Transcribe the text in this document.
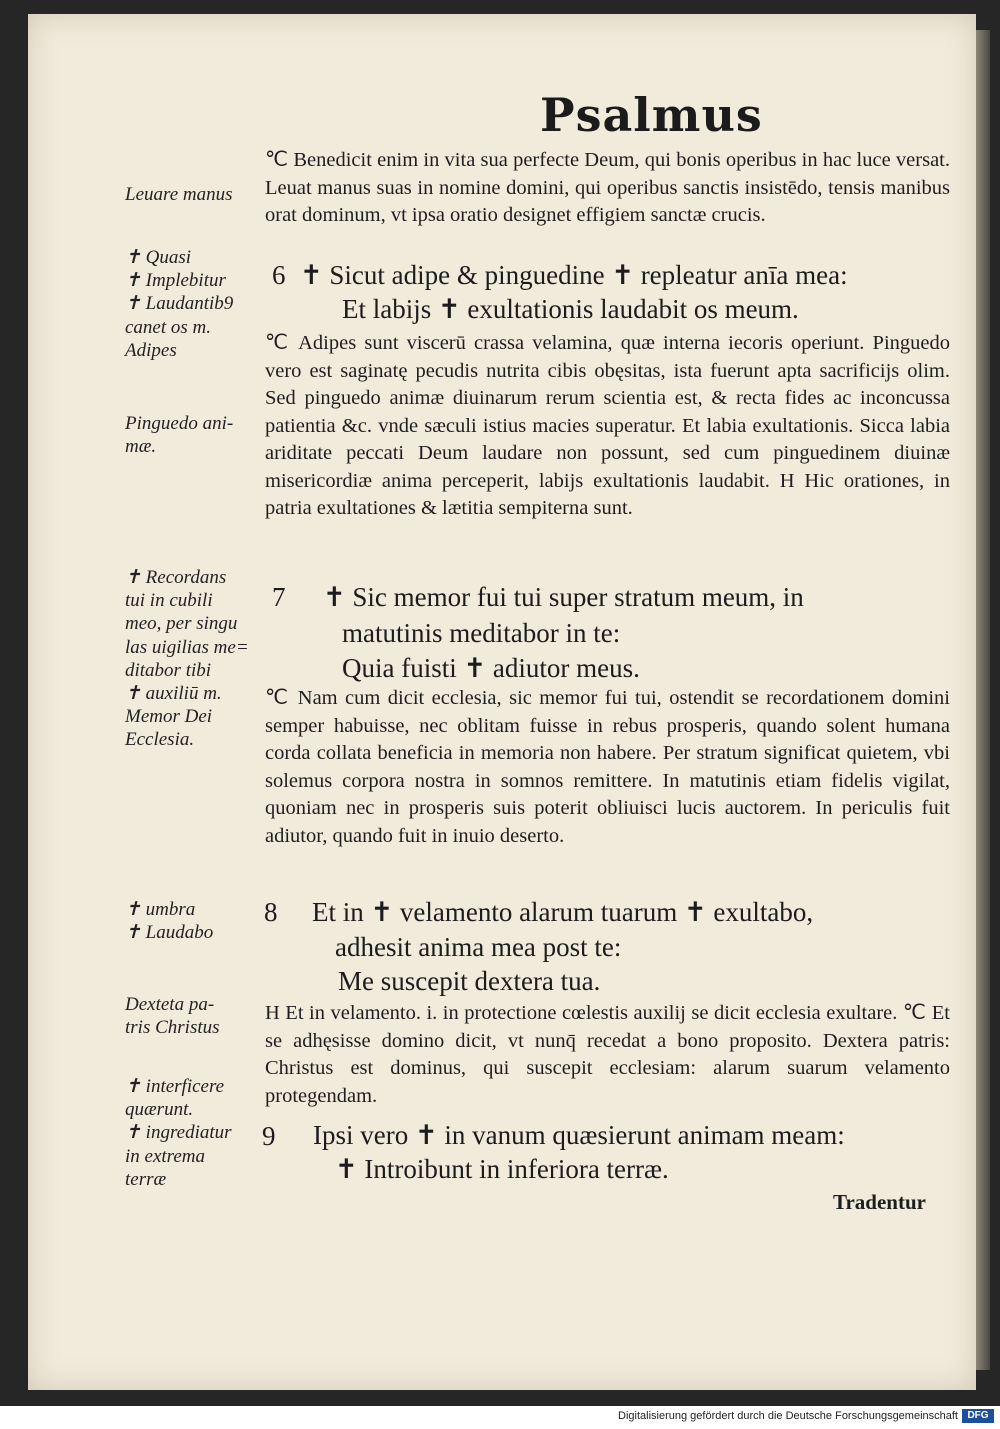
Psalmus
Leuare manus
✝ Quasi
✝ Implebitur
✝ Laudantib9
canet os m.
Adipes
Pinguedo ani-
mæ.
✝ Recordans
tui in cubili
meo, per singu
las uigilias me=
ditabor tibi
✝ auxiliū m.
Memor Dei
Ecclesia.
✝ umbra
✝ Laudabo
Dexteta pa-
tris Christus
✝ interficere
quærunt.
✝ ingrediatur
in extrema
terræ
℃ Benedicit enim in vita sua perfecte Deum, qui bonis operibus in hac luce versat. Leuat manus suas in nomine domini, qui operibus sanctis insistēdo, tensis manibus orat dominum, vt ipsa oratio designet effigiem sanctæ crucis.
℃ Adipes sunt viscerū crassa velamina, quæ interna iecoris operiunt. Pinguedo vero est saginatę pecudis nutrita cibis obęsitas, ista fuerunt apta sacrificijs olim. Sed pinguedo animæ diuinarum rerum scientia est, & recta fides ac inconcussa patientia &c. vnde sæculi istius macies superatur. Et labia exultationis. Sicca labia ariditate peccati Deum laudare non possunt, sed cum pinguedinem diuinæ misericordiæ anima perceperit, labijs exultationis laudabit. H Hic orationes, in patria exultationes & lætitia sempiterna sunt.
℃ Nam cum dicit ecclesia, sic memor fui tui, ostendit se recordationem domini semper habuisse, nec oblitam fuisse in rebus prosperis, quando solent humana corda collata beneficia in memoria non habere. Per stratum significat quietem, vbi solemus corpora nostra in somnos remittere. In matutinis etiam fidelis vigilat, quoniam nec in prosperis suis poterit obliuisci lucis auctorem. In periculis fuit adiutor, quando fuit in inuio deserto.
H Et in velamento. i. in protectione cœlestis auxilij se dicit ecclesia exultare. ℃ Et se adhęsisse domino dicit, vt nunq̄ recedat a bono proposito. Dextera patris: Christus est dominus, qui suscepit ecclesiam: alarum suarum velamento protegendam.
6 ✝ Sicut adipe & pinguedine ✝ repleatur anīa mea:
Et labijs ✝ exultationis laudabit os meum.
7 ✝ Sic memor fui tui super stratum meum, in
matutinis meditabor in te:
Quia fuisti ✝ adiutor meus.
8 Et in ✝ velamento alarum tuarum ✝ exultabo,
adhesit anima mea post te:
Me suscepit dextera tua.
9 Ipsi vero ✝ in vanum quæsierunt animam meam:
✝ Introibunt in inferiora terræ.
Tradentur
Digitalisierung gefördert durch die Deutsche Forschungsgemeinschaft DFG
